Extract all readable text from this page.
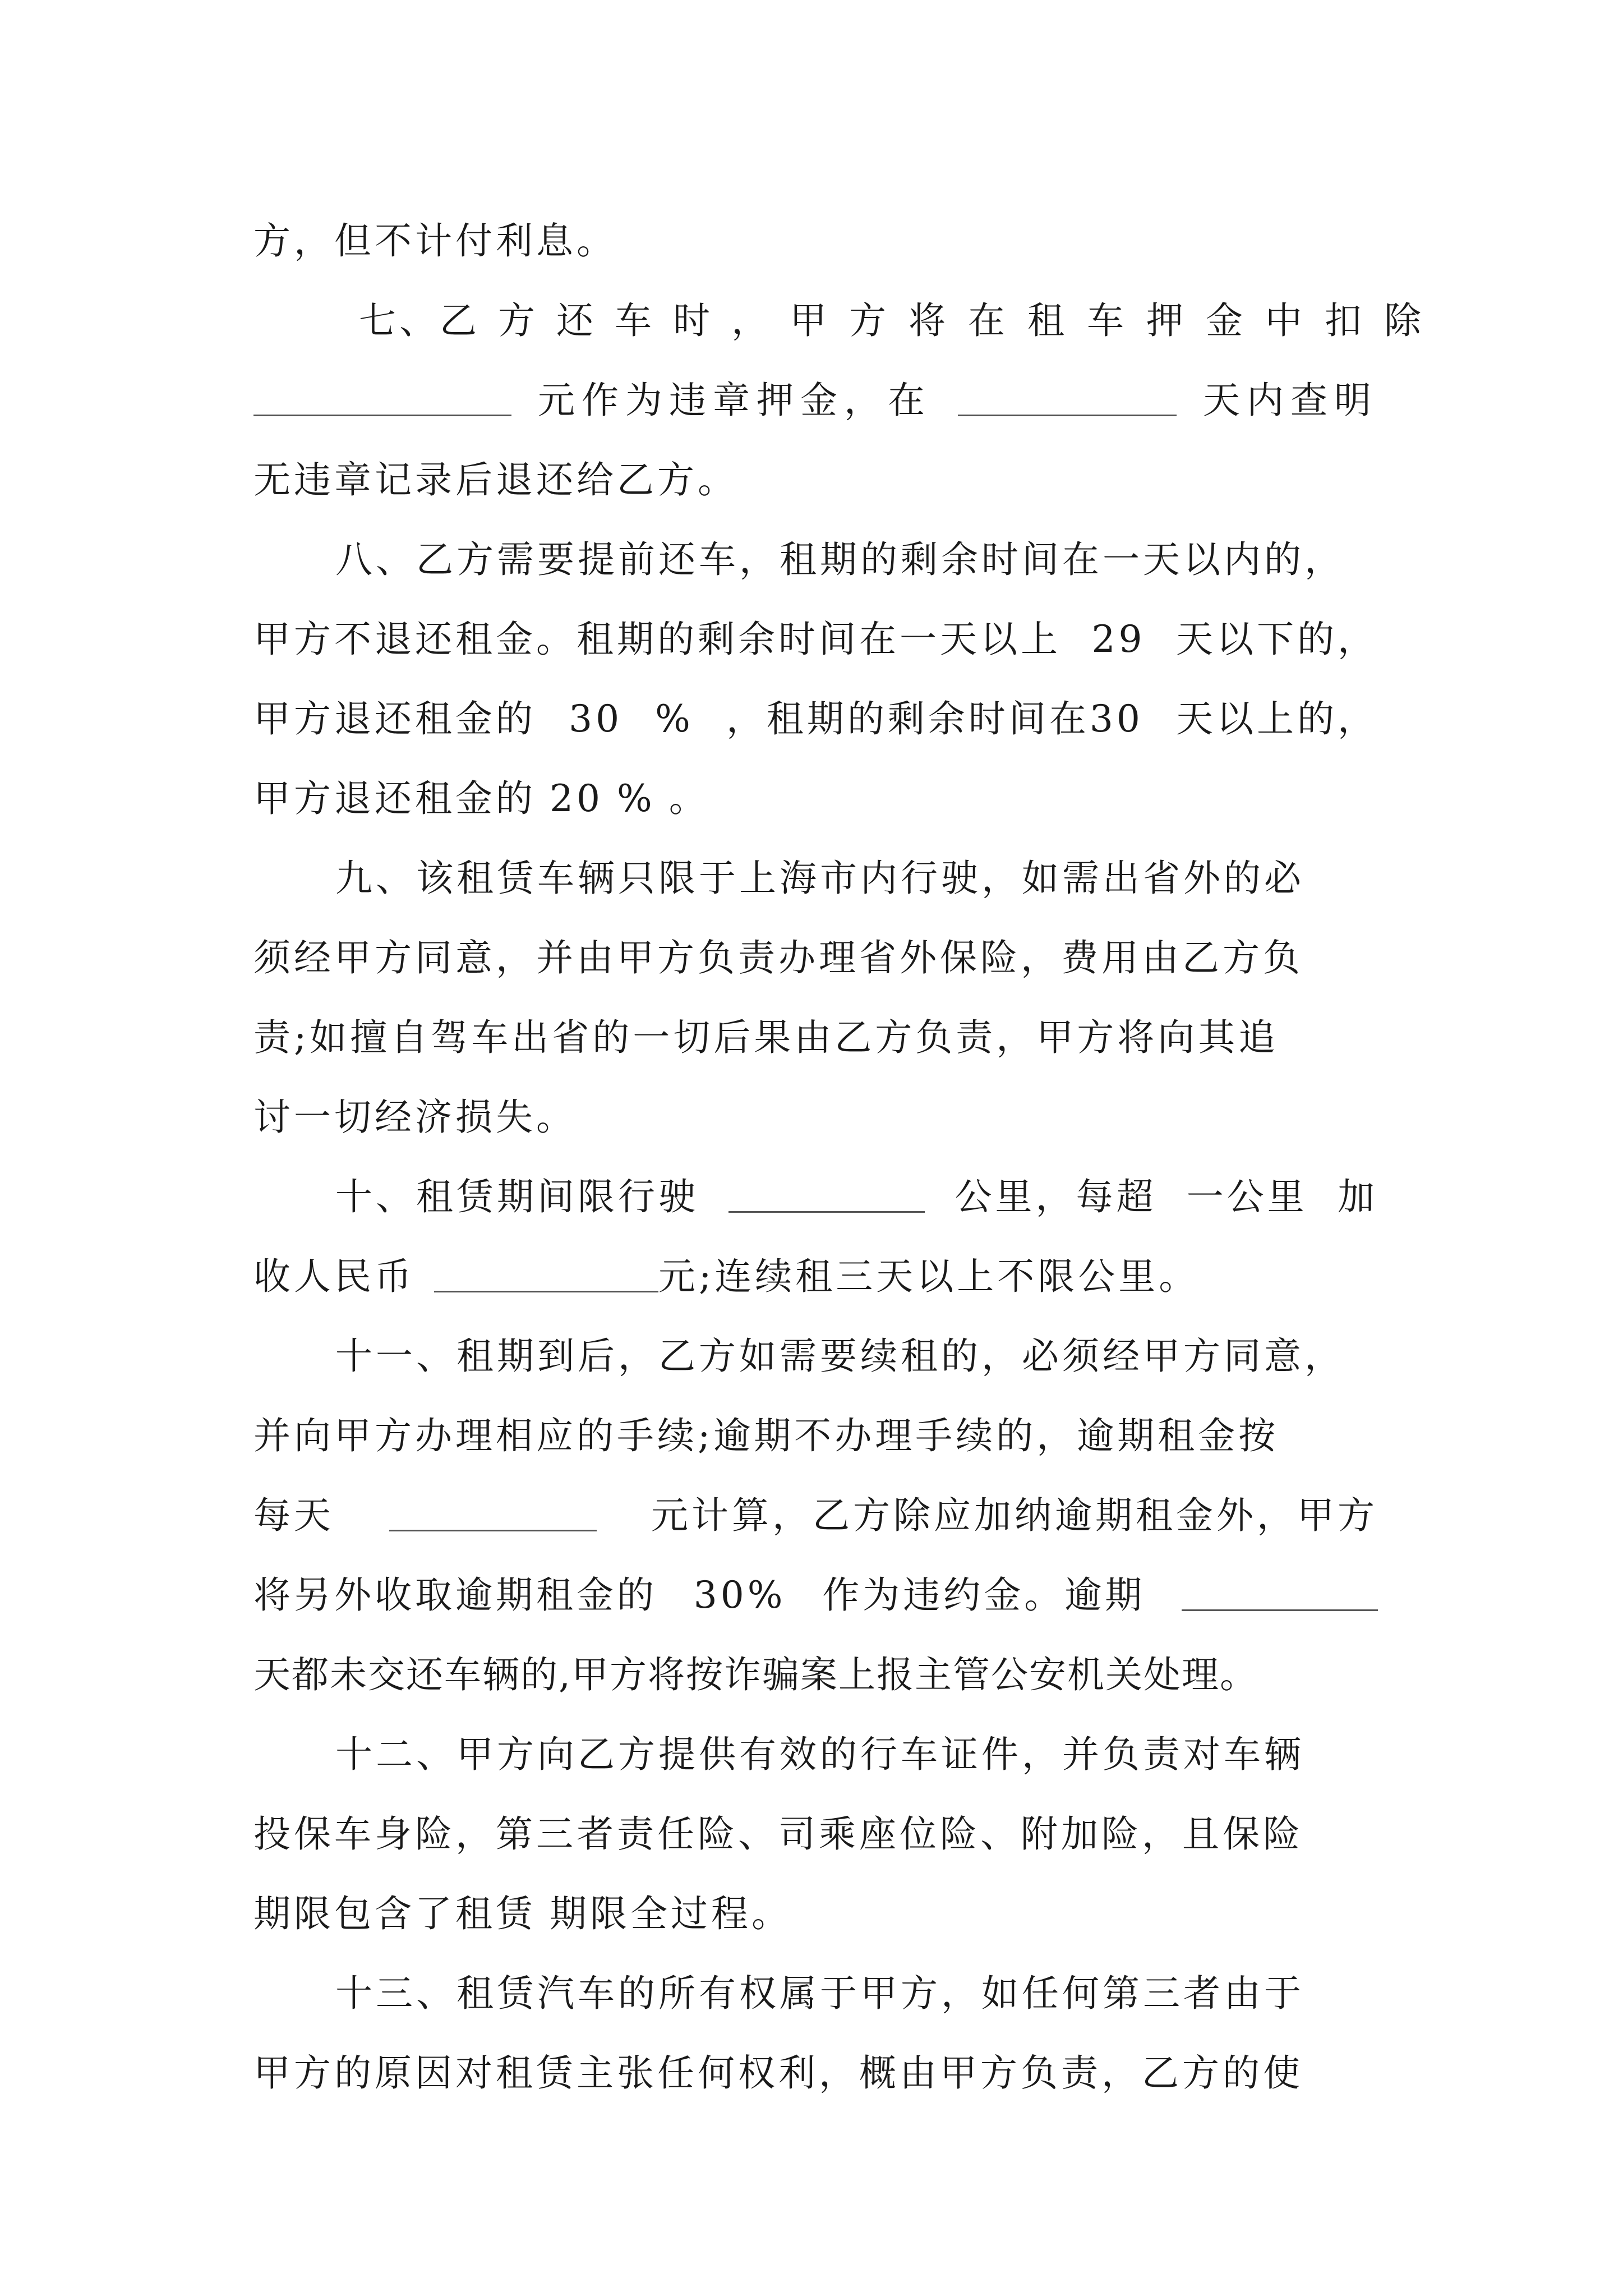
方，但不计付利息。
七、 乙方还车时， 甲方将在租车押金中扣除
元作为违章押金，在	天内查明
无违章记录后退还给乙方。
八、乙方需要提前还车，租期的剩余时间在一天以内的，
甲方不退还租金。租期的剩余时间在一天以上 29 天以下的，
甲方退还租金的 30 % ，租期的剩余时间在30 天以上的，
甲方退还租金的 20 % 。
九、该租赁车辆只限于上海市内行驶，如需出省外的必
须经甲方同意，并由甲方负责办理省外保险，费用由乙方负
责;如擅自驾车出省的一切后果由乙方负责，甲方将向其追
讨一切经济损失。
十、租赁期间限行驶	公里，每超 一公里 加
收人民币	元;连续租三天以上不限公里。
十一、租期到后，乙方如需要续租的，必须经甲方同意，
并向甲方办理相应的手续;逾期不办理手续的，逾期租金按
每天	元计算，乙方除应加纳逾期租金外，甲方
将另外收取逾期租金的 30% 作为违约金。逾期
天都未交还车辆的,甲方将按诈骗案上报主管公安机关处理。
十二、甲方向乙方提供有效的行车证件，并负责对车辆
投保车身险，第三者责任险、司乘座位险、附加险，且保险
期限包含了租赁 期限全过程。
十三、租赁汽车的所有权属于甲方，如任何第三者由于
甲方的原因对租赁主张任何权利，概由甲方负责，乙方的使
